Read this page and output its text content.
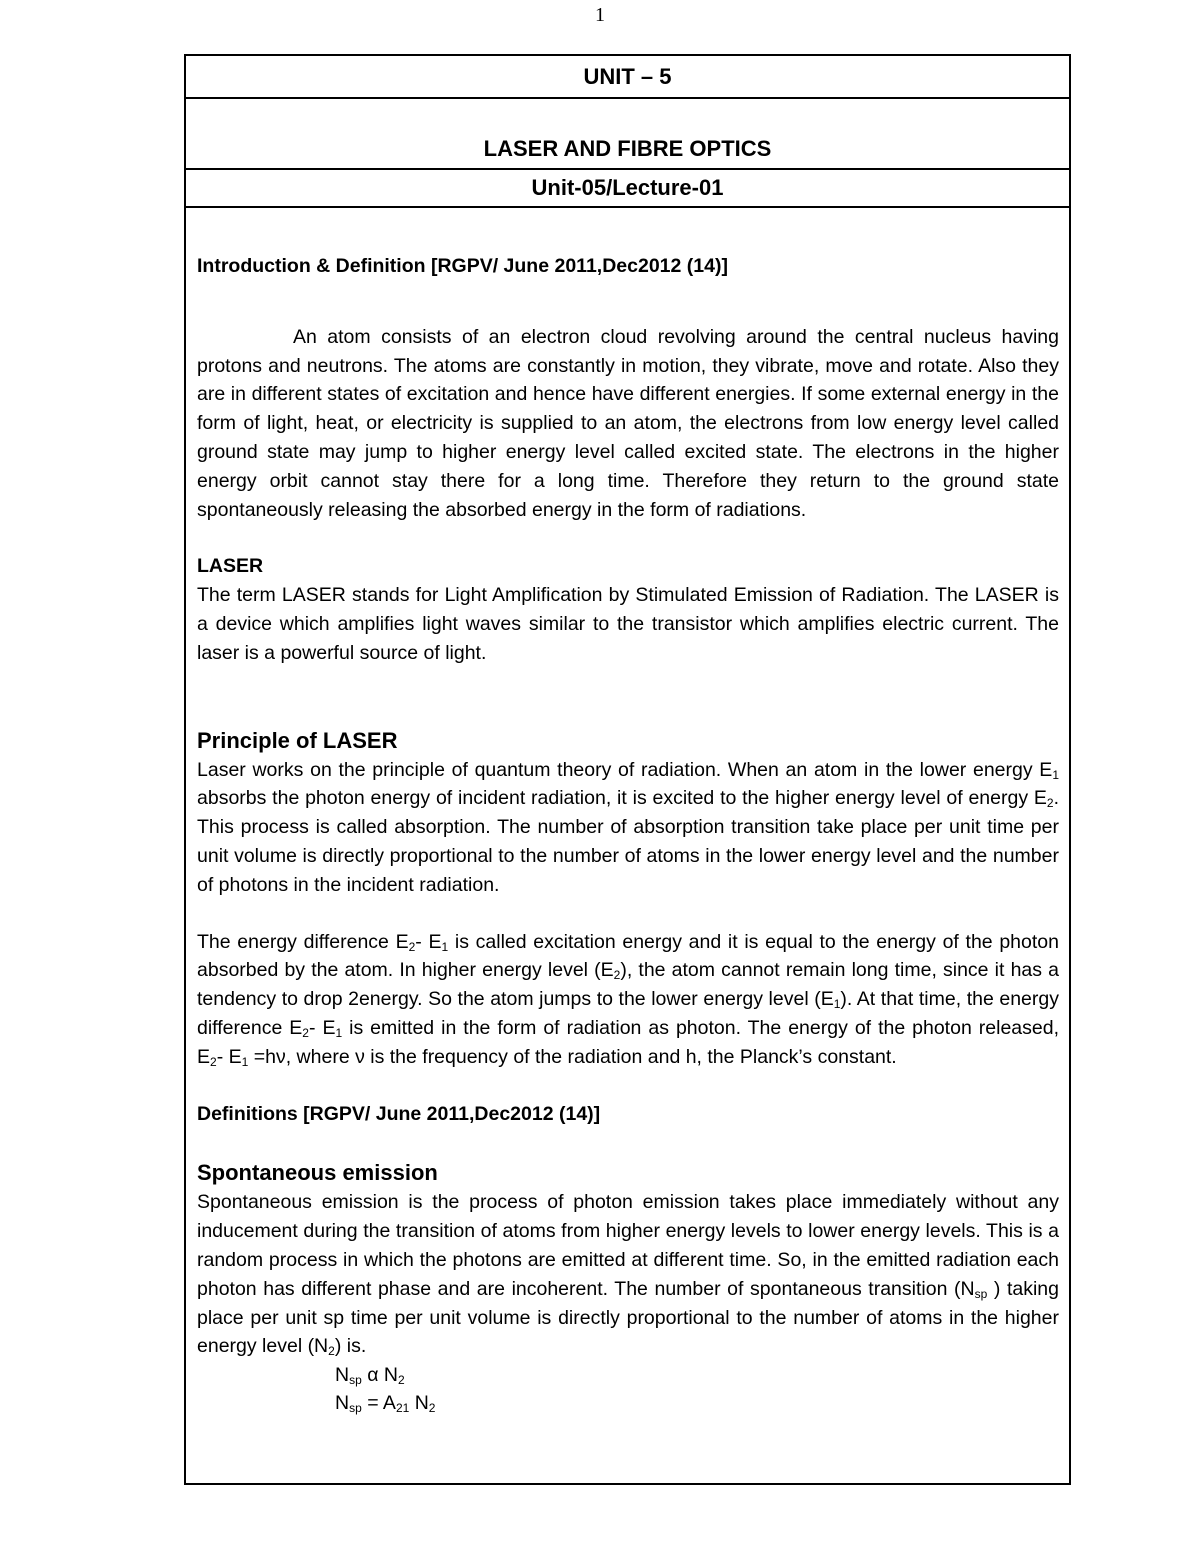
1
UNIT – 5
LASER AND FIBRE OPTICS
Unit-05/Lecture-01

Introduction & Definition [RGPV/ June 2011,Dec2012 (14)]

An atom consists of an electron cloud revolving around the central nucleus having protons and neutrons. The atoms are constantly in motion, they vibrate, move and rotate. Also they are in different states of excitation and hence have different energies. If some external energy in the form of light, heat, or electricity is supplied to an atom, the electrons from low energy level called ground state may jump to higher energy level called excited state. The electrons in the higher energy orbit cannot stay there for a long time. Therefore they return to the ground state spontaneously releasing the absorbed energy in the form of radiations.

LASER

The term LASER stands for Light Amplification by Stimulated Emission of Radiation. The LASER is a device which amplifies light waves similar to the transistor which amplifies electric current. The laser is a powerful source of light.

Principle of LASER

Laser works on the principle of quantum theory of radiation. When an atom in the lower energy $E_1$ absorbs the photon energy of incident radiation, it is excited to the higher energy level of energy $E_2$. This process is called absorption. The number of absorption transition take place per unit time per unit volume is directly proportional to the number of atoms in the lower energy level and the number of photons in the incident radiation.

The energy difference $E_2-$ $E_1$ is called excitation energy and it is equal to the energy of the photon absorbed by the atom. In higher energy level $(E_2)$, the atom cannot remain long time, since it has a tendency to drop 2energy. So the atom jumps to the lower energy level $(E_1)$. At that time, the energy difference $E_2-$ $E_1$ is emitted in the form of radiation as photon. The energy of the photon released, $E_2-$ $E_1 =h\nu$, where ν is the frequency of the radiation and h, the Planck’s constant.

Definitions [RGPV/ June 2011,Dec2012 (14)]

Spontaneous emission

Spontaneous emission is the process of photon emission takes place immediately without any inducement during the transition of atoms from higher energy levels to lower energy levels. This is a random process in which the photons are emitted at different time. So, in the emitted radiation each photon has different phase and are incoherent. The number of spontaneous transition ($N_{sp}$ ) taking place per unit sp time per unit volume is directly proportional to the number of atoms in the higher energy level $(N_2)$ is.

$N_{sp}$ α $N_2$
$N_{sp} = A_{21}$ $N_2$
